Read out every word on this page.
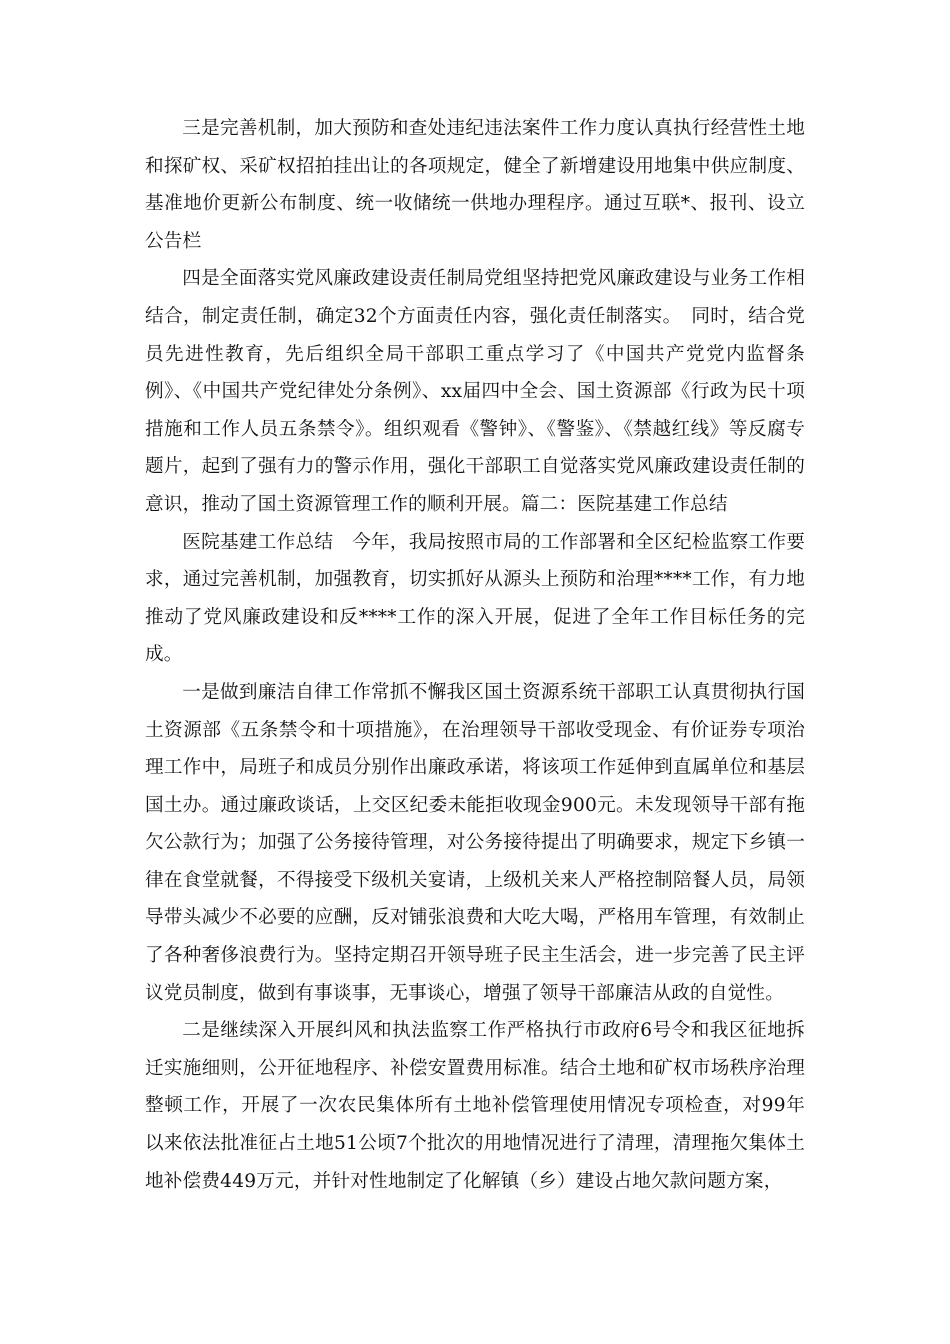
三是完善机制，加大预防和查处违纪违法案件工作力度认真执行经营性土地和探矿权、采矿权招拍挂出让的各项规定，健全了新增建设用地集中供应制度、基准地价更新公布制度、统一收储统一供地办理程序。通过互联*、报刊、设立公告栏

四是全面落实党风廉政建设责任制局党组坚持把党风廉政建设与业务工作相结合，制定责任制，确定32个方面责任内容，强化责任制落实。　同时，结合党员先进性教育，先后组织全局干部职工重点学习了《中国共产党党内监督条例》、《中国共产党纪律处分条例》、xx届四中全会、国土资源部《行政为民十项措施和工作人员五条禁令》。组织观看《警钟》、《警鉴》、《禁越红线》等反腐专题片，起到了强有力的警示作用，强化干部职工自觉落实党风廉政建设责任制的意识，推动了国土资源管理工作的顺利开展。篇二：医院基建工作总结

医院基建工作总结　今年，我局按照市局的工作部署和全区纪检监察工作要求，通过完善机制，加强教育，切实抓好从源头上预防和治理****工作，有力地推动了党风廉政建设和反****工作的深入开展，促进了全年工作目标任务的完成。

一是做到廉洁自律工作常抓不懈我区国土资源系统干部职工认真贯彻执行国土资源部《五条禁令和十项措施》，在治理领导干部收受现金、有价证券专项治理工作中，局班子和成员分别作出廉政承诺，将该项工作延伸到直属单位和基层国土办。通过廉政谈话，上交区纪委未能拒收现金900元。未发现领导干部有拖欠公款行为；加强了公务接待管理，对公务接待提出了明确要求，规定下乡镇一律在食堂就餐，不得接受下级机关宴请，上级机关来人严格控制陪餐人员，局领导带头减少不必要的应酬，反对铺张浪费和大吃大喝，严格用车管理，有效制止了各种奢侈浪费行为。坚持定期召开领导班子民主生活会，进一步完善了民主评议党员制度，做到有事谈事，无事谈心，增强了领导干部廉洁从政的自觉性。

二是继续深入开展纠风和执法监察工作严格执行市政府6号令和我区征地拆迁实施细则，公开征地程序、补偿安置费用标准。结合土地和矿权市场秩序治理整顿工作，开展了一次农民集体所有土地补偿管理使用情况专项检查，对99年以来依法批准征占土地51公顷7个批次的用地情况进行了清理，清理拖欠集体土地补偿费449万元，并针对性地制定了化解镇（乡）建设占地欠款问题方案，
